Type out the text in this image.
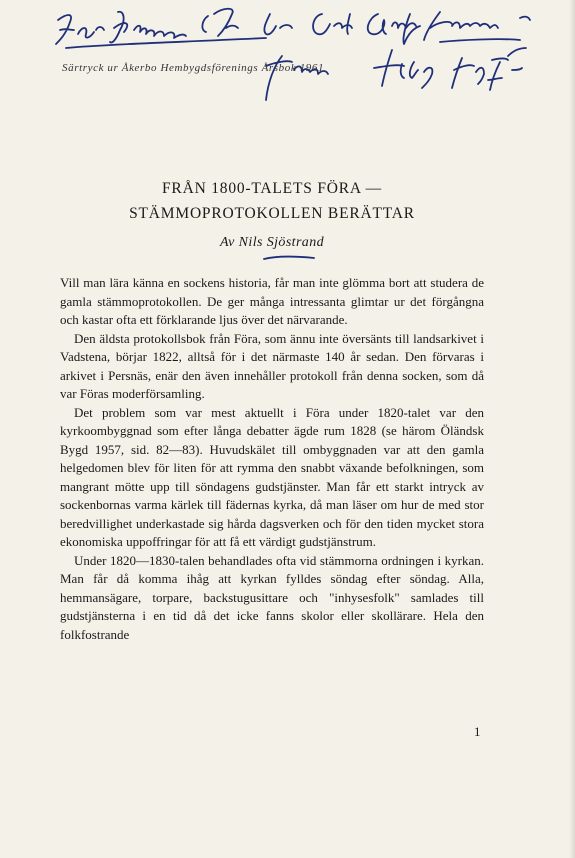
Särtryck ur Åkerbo Hembygdsförenings Årsbok 1961
FRÅN 1800-TALETS FÖRA —
STÄMMOPROTOKOLLEN BERÄTTAR
Av Nils Sjöstrand

Vill man lära känna en sockens historia, får man inte glömma bort att studera de gamla stämmoprotokollen. De ger många intressanta glimtar ur det förgångna och kastar ofta ett förklarande ljus över det närvarande.

Den äldsta protokollsbok från Föra, som ännu inte översänts till landsarkivet i Vadstena, börjar 1822, alltså för i det närmaste 140 år sedan. Den förvaras i arkivet i Persnäs, enär den även innehåller protokoll från denna socken, som då var Föras moderförsamling.

Det problem som var mest aktuellt i Föra under 1820-talet var den kyrkoombyggnad som efter långa debatter ägde rum 1828 (se härom Öländsk Bygd 1957, sid. 82—83). Huvudskälet till ombyggnaden var att den gamla helgedomen blev för liten för att rymma den snabbt växande befolkningen, som mangrant mötte upp till söndagens gudstjänster. Man får ett starkt intryck av sockenbornas varma kärlek till fädernas kyrka, då man läser om hur de med stor beredvillighet underkastade sig hårda dagsverken och för den tiden mycket stora ekonomiska uppoffringar för att få ett värdigt gudstjänstrum.

Under 1820—1830-talen behandlades ofta vid stämmorna ordningen i kyrkan. Man får då komma ihåg att kyrkan fylldes söndag efter söndag. Alla, hemmansägare, torpare, backstugusittare och "inhysesfolk" samlades till gudstjänsterna i en tid då det icke fanns skolor eller skollärare. Hela den folkfostrande

1
